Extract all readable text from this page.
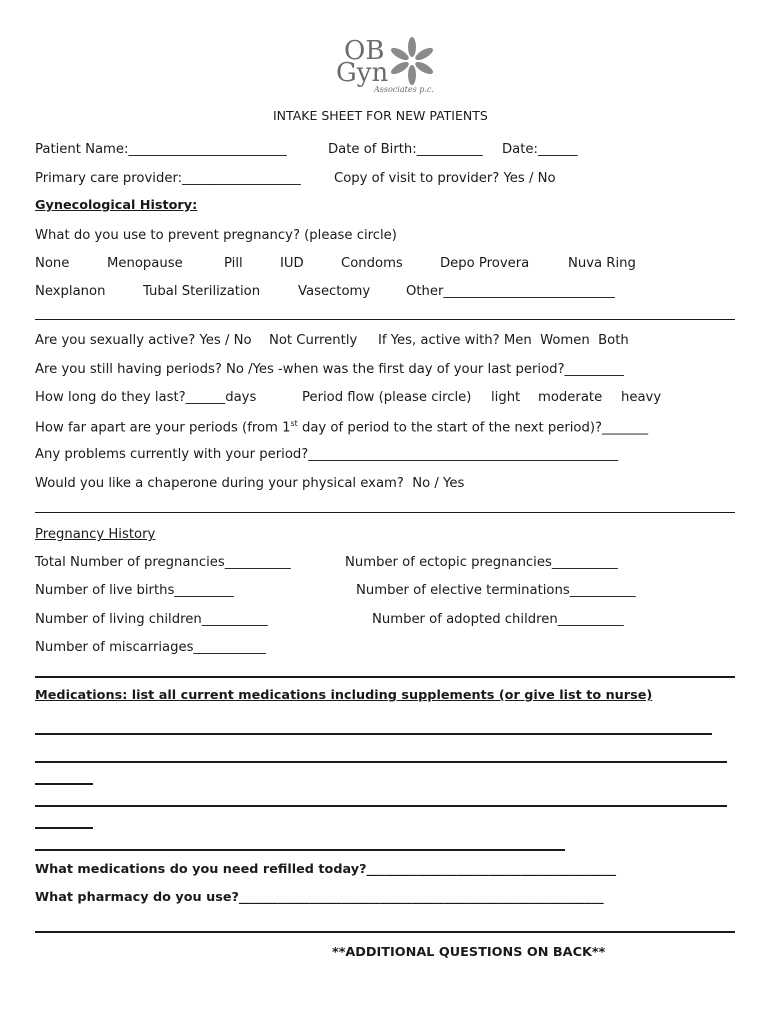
OB
Gyn
Associates p.c.
INTAKE SHEET FOR NEW PATIENTS
Patient Name:________________________	Date of Birth:__________ Date:______
Primary care provider:__________________	Copy of visit to provider? Yes / No
Gynecological History:
What do you use to prevent pregnancy? (please circle)
None	Menopause	Pill	IUD	Condoms	Depo Provera	Nuva Ring
Nexplanon	Tubal Sterilization	Vasectomy	Other__________________________
Are you sexually active? Yes / No Not Currently If Yes, active with? Men  Women  Both
Are you still having periods? No /Yes -when was the first day of your last period?_________
How long do they last?______days	Period flow (please circle) light moderate heavy
How far apart are your periods (from 1st day of period to the start of the next period)?_______
Any problems currently with your period?_______________________________________________
Would you like a chaperone during your physical exam?  No / Yes
Pregnancy History
Total Number of pregnancies__________	Number of ectopic pregnancies__________
Number of live births_________	Number of elective terminations__________
Number of living children__________	Number of adopted children__________
Number of miscarriages___________
Medications: list all current medications including supplements (or give list to nurse)
What medications do you need refilled today?_______________________________________
What pharmacy do you use?_________________________________________________________
**ADDITIONAL QUESTIONS ON BACK**
